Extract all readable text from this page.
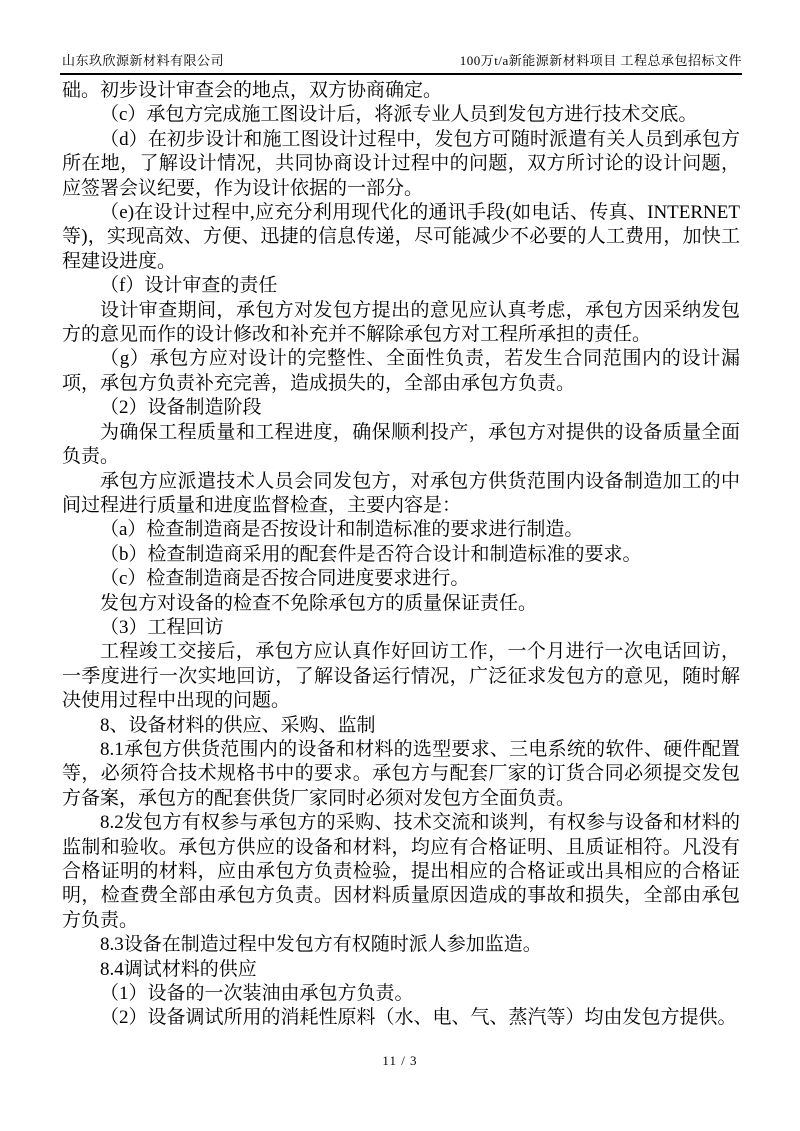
山东玖欣源新材料有限公司	100万t/a新能源新材料项目 工程总承包招标文件

础。初步设计审查会的地点，双方协商确定。

（c）承包方完成施工图设计后，将派专业人员到发包方进行技术交底。

（d）在初步设计和施工图设计过程中，发包方可随时派遣有关人员到承包方所在地，了解设计情况，共同协商设计过程中的问题，双方所讨论的设计问题，应签署会议纪要，作为设计依据的一部分。

（e)在设计过程中,应充分利用现代化的通讯手段(如电话、传真、INTERNET等)，实现高效、方便、迅捷的信息传递，尽可能减少不必要的人工费用，加快工程建设进度。

（f）设计审查的责任

设计审查期间，承包方对发包方提出的意见应认真考虑，承包方因采纳发包方的意见而作的设计修改和补充并不解除承包方对工程所承担的责任。

（g）承包方应对设计的完整性、全面性负责，若发生合同范围内的设计漏项，承包方负责补充完善，造成损失的，全部由承包方负责。

（2）设备制造阶段

为确保工程质量和工程进度，确保顺利投产，承包方对提供的设备质量全面负责。

承包方应派遣技术人员会同发包方，对承包方供货范围内设备制造加工的中间过程进行质量和进度监督检查，主要内容是：

（a）检查制造商是否按设计和制造标准的要求进行制造。

（b）检查制造商采用的配套件是否符合设计和制造标准的要求。

（c）检查制造商是否按合同进度要求进行。

发包方对设备的检查不免除承包方的质量保证责任。

（3）工程回访

工程竣工交接后，承包方应认真作好回访工作，一个月进行一次电话回访，一季度进行一次实地回访，了解设备运行情况，广泛征求发包方的意见，随时解决使用过程中出现的问题。

8、设备材料的供应、采购、监制

8.1承包方供货范围内的设备和材料的选型要求、三电系统的软件、硬件配置等，必须符合技术规格书中的要求。承包方与配套厂家的订货合同必须提交发包方备案，承包方的配套供货厂家同时必须对发包方全面负责。

8.2发包方有权参与承包方的采购、技术交流和谈判，有权参与设备和材料的监制和验收。承包方供应的设备和材料，均应有合格证明、且质证相符。凡没有合格证明的材料，应由承包方负责检验，提出相应的合格证或出具相应的合格证明，检查费全部由承包方负责。因材料质量原因造成的事故和损失，全部由承包方负责。

8.3设备在制造过程中发包方有权随时派人参加监造。

8.4调试材料的供应

（1）设备的一次装油由承包方负责。

（2）设备调试所用的消耗性原料（水、电、气、蒸汽等）均由发包方提供。

11 / 3
